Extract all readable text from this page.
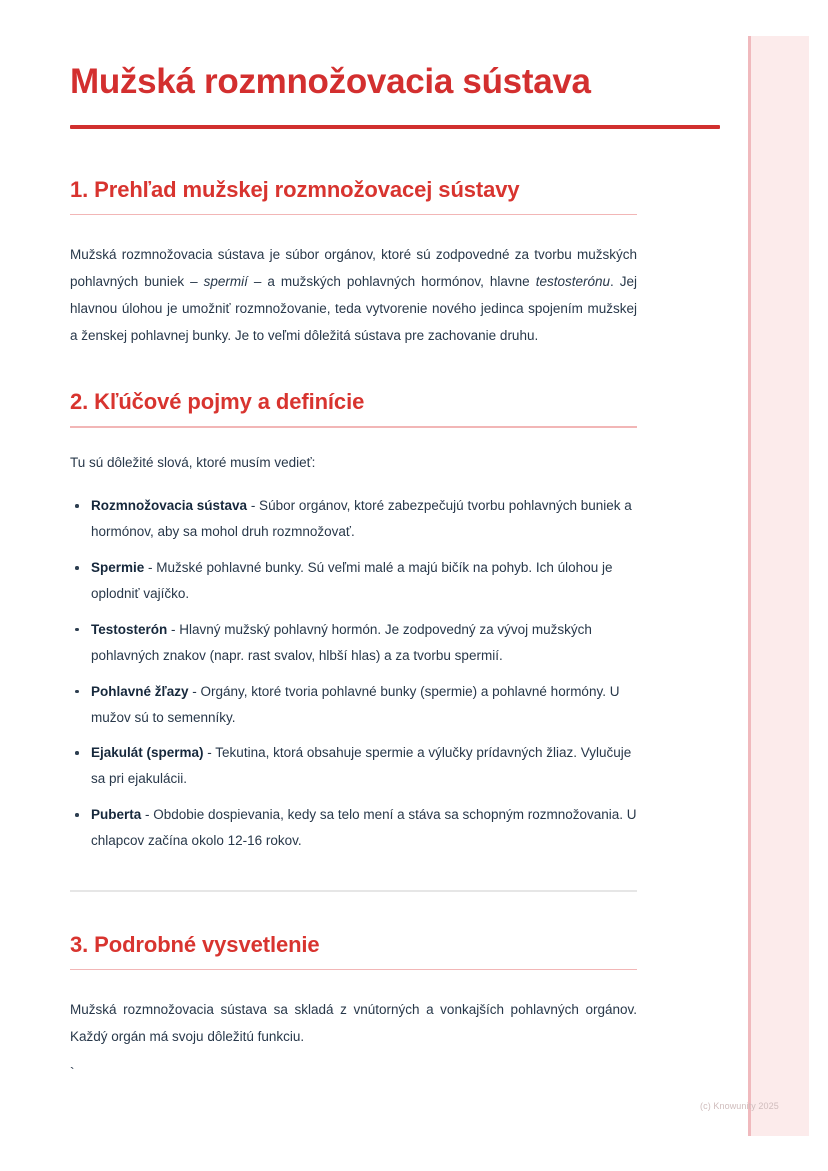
Mužská rozmnožovacia sústava
1. Prehľad mužskej rozmnožovacej sústavy

Mužská rozmnožovacia sústava je súbor orgánov, ktoré sú zodpovedné za tvorbu mužských pohlavných buniek – spermií – a mužských pohlavných hormónov, hlavne testosterónu. Jej hlavnou úlohou je umožniť rozmnožovanie, teda vytvorenie nového jedinca spojením mužskej a ženskej pohlavnej bunky. Je to veľmi dôležitá sústava pre zachovanie druhu.

2. Kľúčové pojmy a definície

Tu sú dôležité slová, ktoré musím vedieť:

Rozmnožovacia sústava - Súbor orgánov, ktoré zabezpečujú tvorbu pohlavných buniek a hormónov, aby sa mohol druh rozmnožovať.
Spermie - Mužské pohlavné bunky. Sú veľmi malé a majú bičík na pohyb. Ich úlohou je oplodniť vajíčko.
Testosterón - Hlavný mužský pohlavný hormón. Je zodpovedný za vývoj mužských pohlavných znakov (napr. rast svalov, hlbší hlas) a za tvorbu spermií.
Pohlavné žľazy - Orgány, ktoré tvoria pohlavné bunky (spermie) a pohlavné hormóny. U mužov sú to semenníky.
Ejakulát (sperma) - Tekutina, ktorá obsahuje spermie a výlučky prídavných žliaz. Vylučuje sa pri ejakulácii.
Puberta - Obdobie dospievania, kedy sa telo mení a stáva sa schopným rozmnožovania. U chlapcov začína okolo 12-16 rokov.
3. Podrobné vysvetlenie

Mužská rozmnožovacia sústava sa skladá z vnútorných a vonkajších pohlavných orgánov. Každý orgán má svoju dôležitú funkciu.

`
(c) Knowunity 2025
